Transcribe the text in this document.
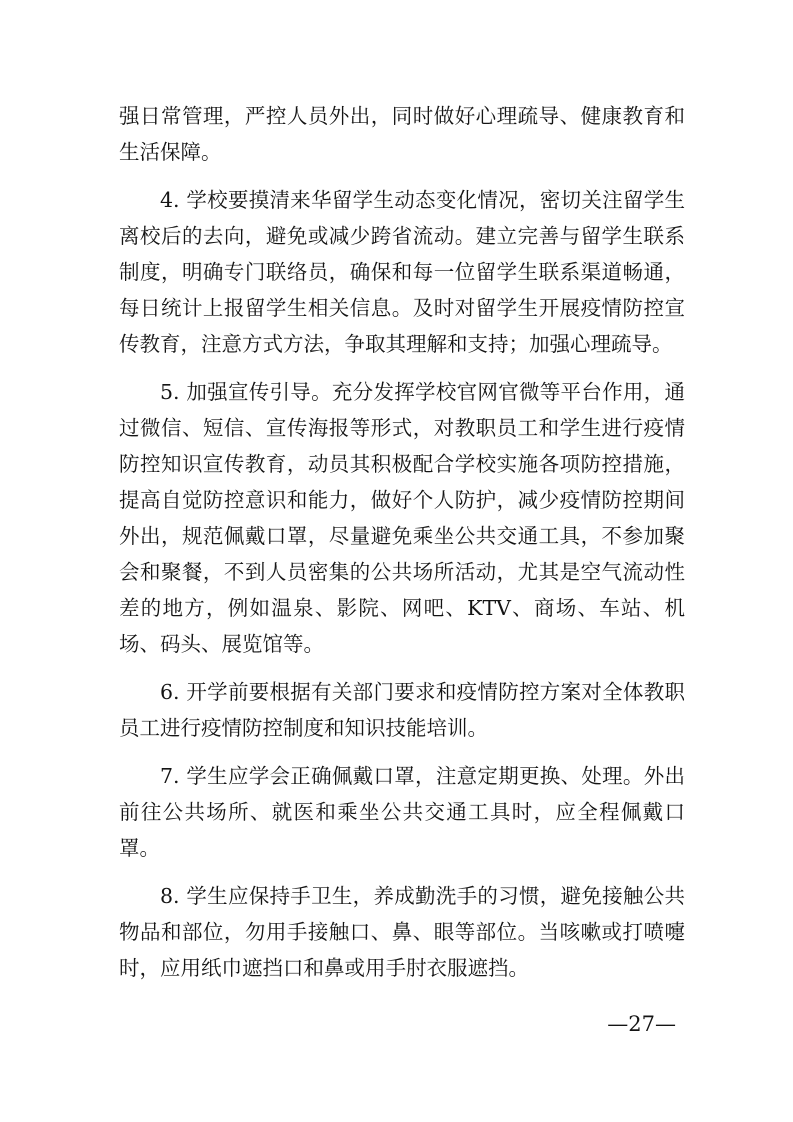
强日常管理，严控人员外出，同时做好心理疏导、健康教育和生活保障。

4. 学校要摸清来华留学生动态变化情况，密切关注留学生离校后的去向，避免或减少跨省流动。建立完善与留学生联系制度，明确专门联络员，确保和每一位留学生联系渠道畅通，每日统计上报留学生相关信息。及时对留学生开展疫情防控宣传教育，注意方式方法，争取其理解和支持；加强心理疏导。

5. 加强宣传引导。充分发挥学校官网官微等平台作用，通过微信、短信、宣传海报等形式，对教职员工和学生进行疫情防控知识宣传教育，动员其积极配合学校实施各项防控措施，提高自觉防控意识和能力，做好个人防护，减少疫情防控期间外出，规范佩戴口罩，尽量避免乘坐公共交通工具，不参加聚会和聚餐，不到人员密集的公共场所活动，尤其是空气流动性差的地方，例如温泉、影院、网吧、KTV、商场、车站、机场、码头、展览馆等。

6. 开学前要根据有关部门要求和疫情防控方案对全体教职员工进行疫情防控制度和知识技能培训。

7. 学生应学会正确佩戴口罩，注意定期更换、处理。外出前往公共场所、就医和乘坐公共交通工具时，应全程佩戴口罩。

8. 学生应保持手卫生，养成勤洗手的习惯，避免接触公共物品和部位，勿用手接触口、鼻、眼等部位。当咳嗽或打喷嚏时，应用纸巾遮挡口和鼻或用手肘衣服遮挡。

—27—
